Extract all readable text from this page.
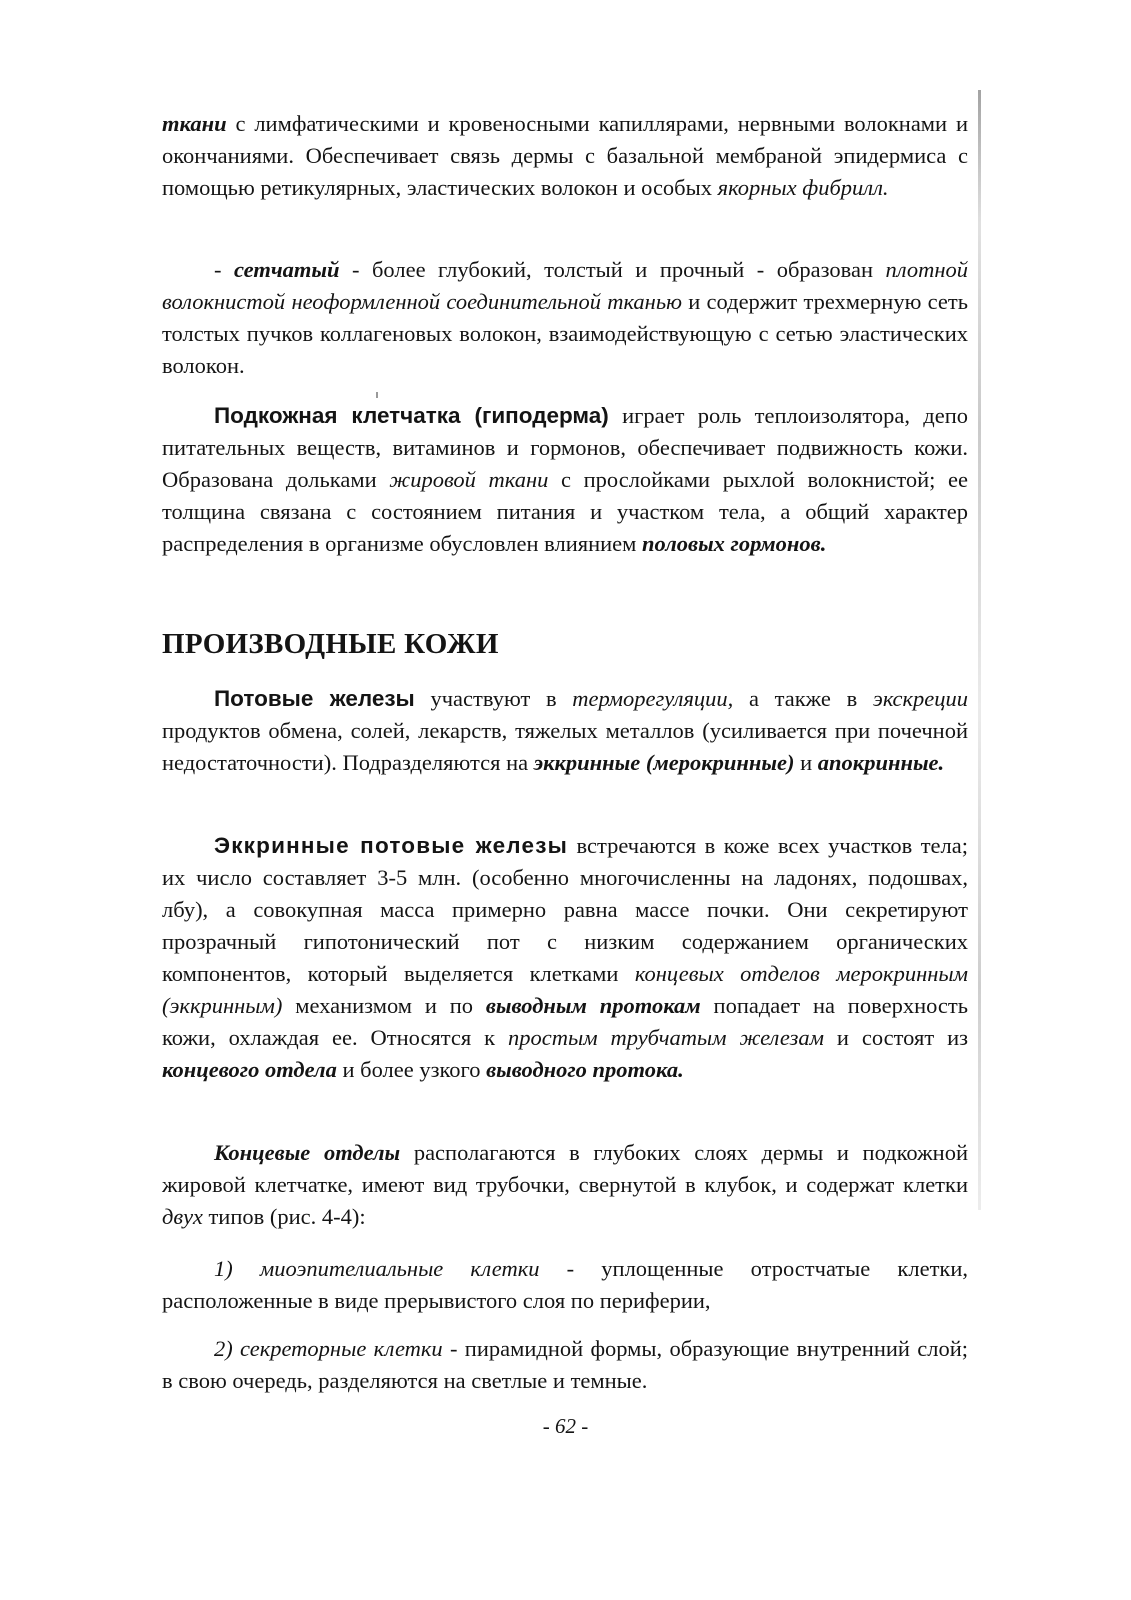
ткани с лимфатическими и кровеносными капиллярами, нервными волокнами и окончаниями. Обеспечивает связь дермы с базальной мембраной эпидермиса с помощью ретикулярных, эластических волокон и особых якорных фибрилл.

- сетчатый - более глубокий, толстый и прочный - образован плотной волокнистой неоформленной соединительной тканью и содержит трехмерную сеть толстых пучков коллагеновых волокон, взаимодействующую с сетью эластических волокон.

Подкожная клетчатка (гиподерма) играет роль теплоизолятора, депо питательных веществ, витаминов и гормонов, обеспечивает подвижность кожи. Образована дольками жировой ткани с прослойками рыхлой волокнистой; ее толщина связана с состоянием питания и участком тела, а общий характер распределения в организме обусловлен влиянием половых гормонов.

ПРОИЗВОДНЫЕ КОЖИ

Потовые железы участвуют в терморегуляции, а также в экскреции продуктов обмена, солей, лекарств, тяжелых металлов (усиливается при почечной недостаточности). Подразделяются на эккринные (мерокринные) и апокринные.

Эккринные потовые железы встречаются в коже всех участков тела; их число составляет 3-5 млн. (особенно многочисленны на ладонях, подошвах, лбу), а совокупная масса примерно равна массе почки. Они секретируют прозрачный гипотонический пот с низким содержанием органических компонентов, который выделяется клетками концевых отделов мерокринным (эккринным) механизмом и по выводным протокам попадает на поверхность кожи, охлаждая ее. Относятся к простым трубчатым железам и состоят из концевого отдела и более узкого выводного протока.

Концевые отделы располагаются в глубоких слоях дермы и подкожной жировой клетчатке, имеют вид трубочки, свернутой в клубок, и содержат клетки двух типов (рис. 4-4):

1) миоэпителиальные клетки - уплощенные отростчатые клетки, расположенные в виде прерывистого слоя по периферии,

2) секреторные клетки - пирамидной формы, образующие внутренний слой; в свою очередь, разделяются на светлые и темные.

- 62 -
